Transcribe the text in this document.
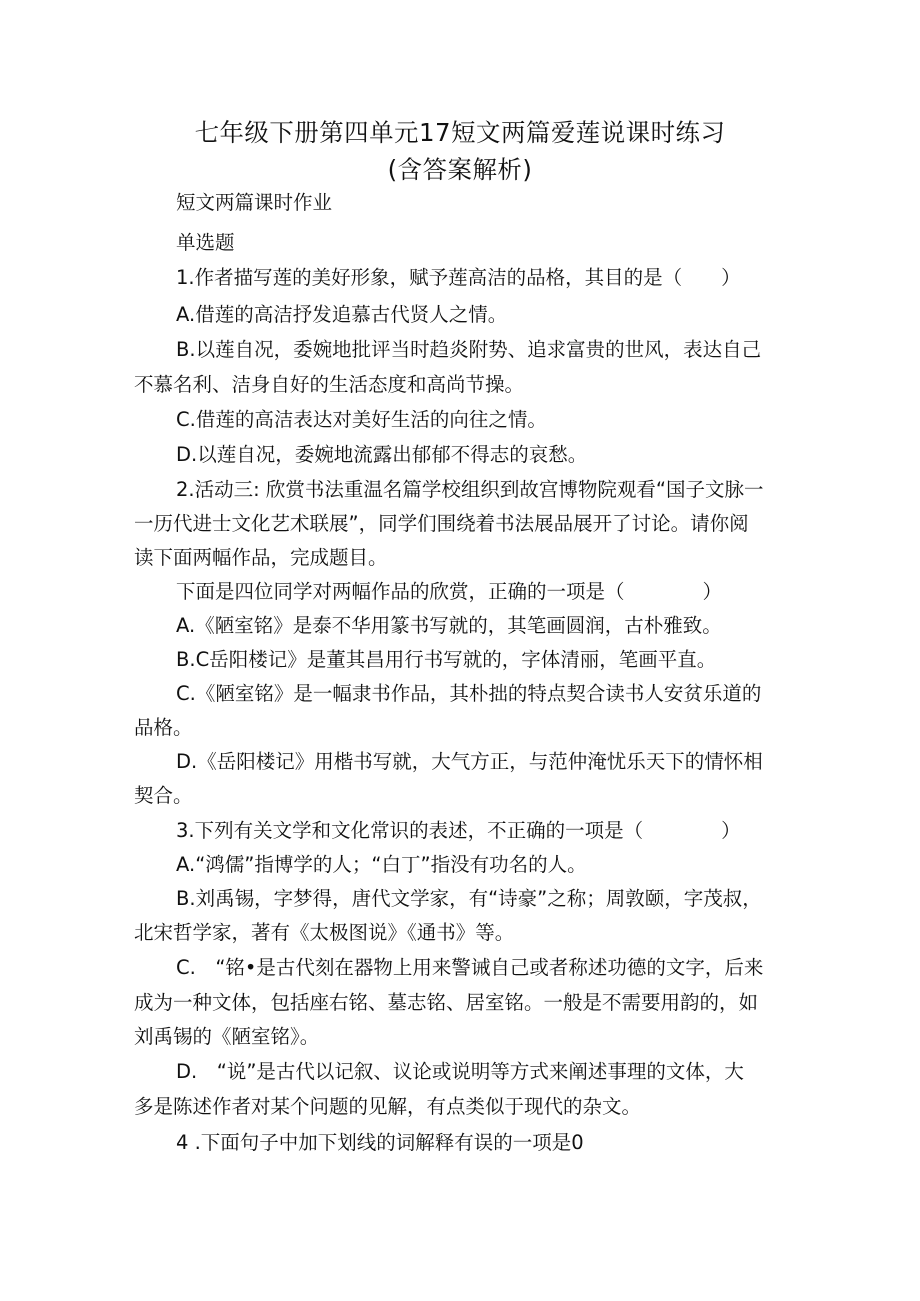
七年级下册第四单元17短文两篇爱莲说课时练习
(含答案解析)
短文两篇课时作业
单选题
1.作者描写莲的美好形象，赋予莲高洁的品格，其目的是（　　）
A.借莲的高洁抒发追慕古代贤人之情。
B.以莲自况，委婉地批评当时趋炎附势、追求富贵的世风，表达自己
不慕名利、洁身自好的生活态度和高尚节操。
C.借莲的高洁表达对美好生活的向往之情。
D.以莲自况，委婉地流露出郁郁不得志的哀愁。
2.活动三: 欣赏书法重温名篇学校组织到故宫博物院观看“国子文脉一
一历代进士文化艺术联展”，同学们围绕着书法展品展开了讨论。请你阅
读下面两幅作品，完成题目。
下面是四位同学对两幅作品的欣赏，正确的一项是（　　　　）
A.《陋室铭》是泰不华用篆书写就的，其笔画圆润，古朴雅致。
B.C岳阳楼记》是董其昌用行书写就的，字体清丽，笔画平直。
C.《陋室铭》是一幅隶书作品，其朴拙的特点契合读书人安贫乐道的
品格。
D.《岳阳楼记》用楷书写就，大气方正，与范仲淹忧乐天下的情怀相
契合。
3.下列有关文学和文化常识的表述，不正确的一项是（　　　　）
A.“鸿儒”指博学的人；“白丁”指没有功名的人。
B.刘禹锡，字梦得，唐代文学家，有“诗豪”之称；周敦颐，字茂叔，
北宋哲学家，著有《太极图说》《通书》等。
C.　“铭•是古代刻在器物上用来警诫自己或者称述功德的文字，后来
成为一种文体，包括座右铭、墓志铭、居室铭。一般是不需要用韵的，如
刘禹锡的《陋室铭》。
D.　“说”是古代以记叙、议论或说明等方式来阐述事理的文体，大
多是陈述作者对某个问题的见解，有点类似于现代的杂文。
4 .下面句子中加下划线的词解释有误的一项是0
